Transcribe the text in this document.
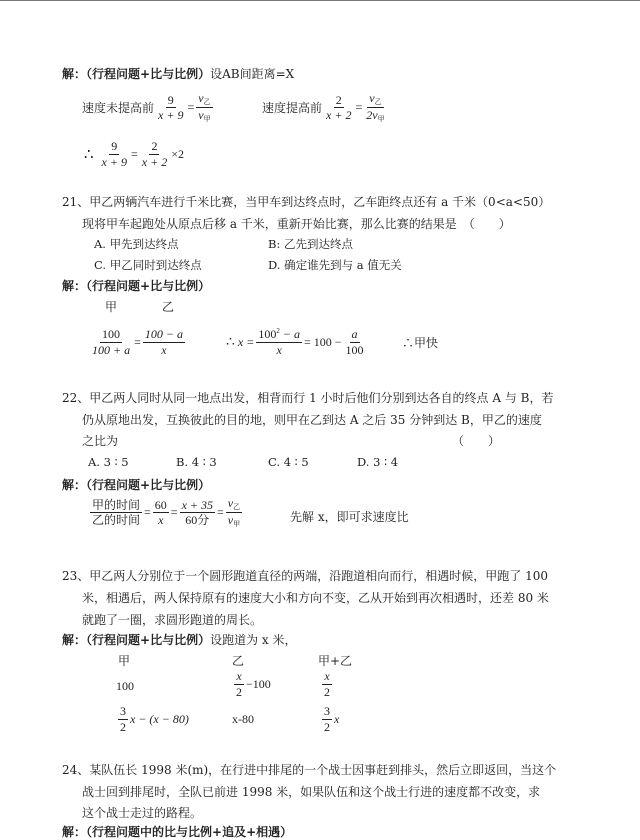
解：（行程问题+比与比例）设AB间距离=X
速度未提高前 $\frac{9}{x + 9} = \frac{v_乙}{v_甲}$	速度提高前 $\frac{2}{x + 2} = \frac{v_乙}{2v_甲}$
∴ $\frac{9}{x + 9} = \frac{2}{x + 2} \times 2$
21、甲乙两辆汽车进行千米比赛，当甲车到达终点时，乙车距终点还有 a 千米（0<a<50）
现将甲车起跑处从原点后移 a 千米，重新开始比赛，那么比赛的结果是　（　　）
A. 甲先到达终点	B: 乙先到达终点
C. 甲乙同时到达终点	D. 确定谁先到与 a 值无关
解：（行程问题+比与比例）
甲	乙
$\frac{100}{100 + a} = \frac{100 - a}{x}$	∴ $x = \frac{100^2 - a}{x} = 100 - \frac{a}{100}$	∴甲快
22、甲乙两人同时从同一地点出发，相背而行 1 小时后他们分别到达各自的终点 A 与 B，若
仍从原地出发，互换彼此的目的地，则甲在乙到达 A 之后 35 分钟到达 B，甲乙的速度
之比为	（　　）
A. 3 ∶ 5	B. 4 ∶ 3	C. 4 ∶ 5	D. 3 ∶ 4
解：（行程问题+比与比例）
$\frac{\text{甲的时间}}{\text{乙的时间}} = \frac{60}{x} = \frac{x + 35}{\text{60分}} = \frac{v_乙}{v_甲}$	先解 x，即可求速度比
23、甲乙两人分别位于一个圆形跑道直径的两端，沿跑道相向而行，相遇时候，甲跑了 100
米，相遇后，两人保持原有的速度大小和方向不变，乙从开始到再次相遇时，还差 80 米
就跑了一圈，求圆形跑道的周长。
解：（行程问题+比与比例）设跑道为 x 米，
甲	乙	甲+乙
100	$\frac{x}{2} -100$	$\frac{x}{2}$
$\frac{3}{2}$ x − (x − 80)	x-80	$\frac{3}{2}$ x
24、某队伍长 1998 米(m)，在行进中排尾的一个战士因事赶到排头，然后立即返回，当这个
战士回到排尾时，全队已前进 1998 米，如果队伍和这个战士行进的速度都不改变，求
这个战士走过的路程。
解：（行程问题中的比与比例+追及+相遇）
